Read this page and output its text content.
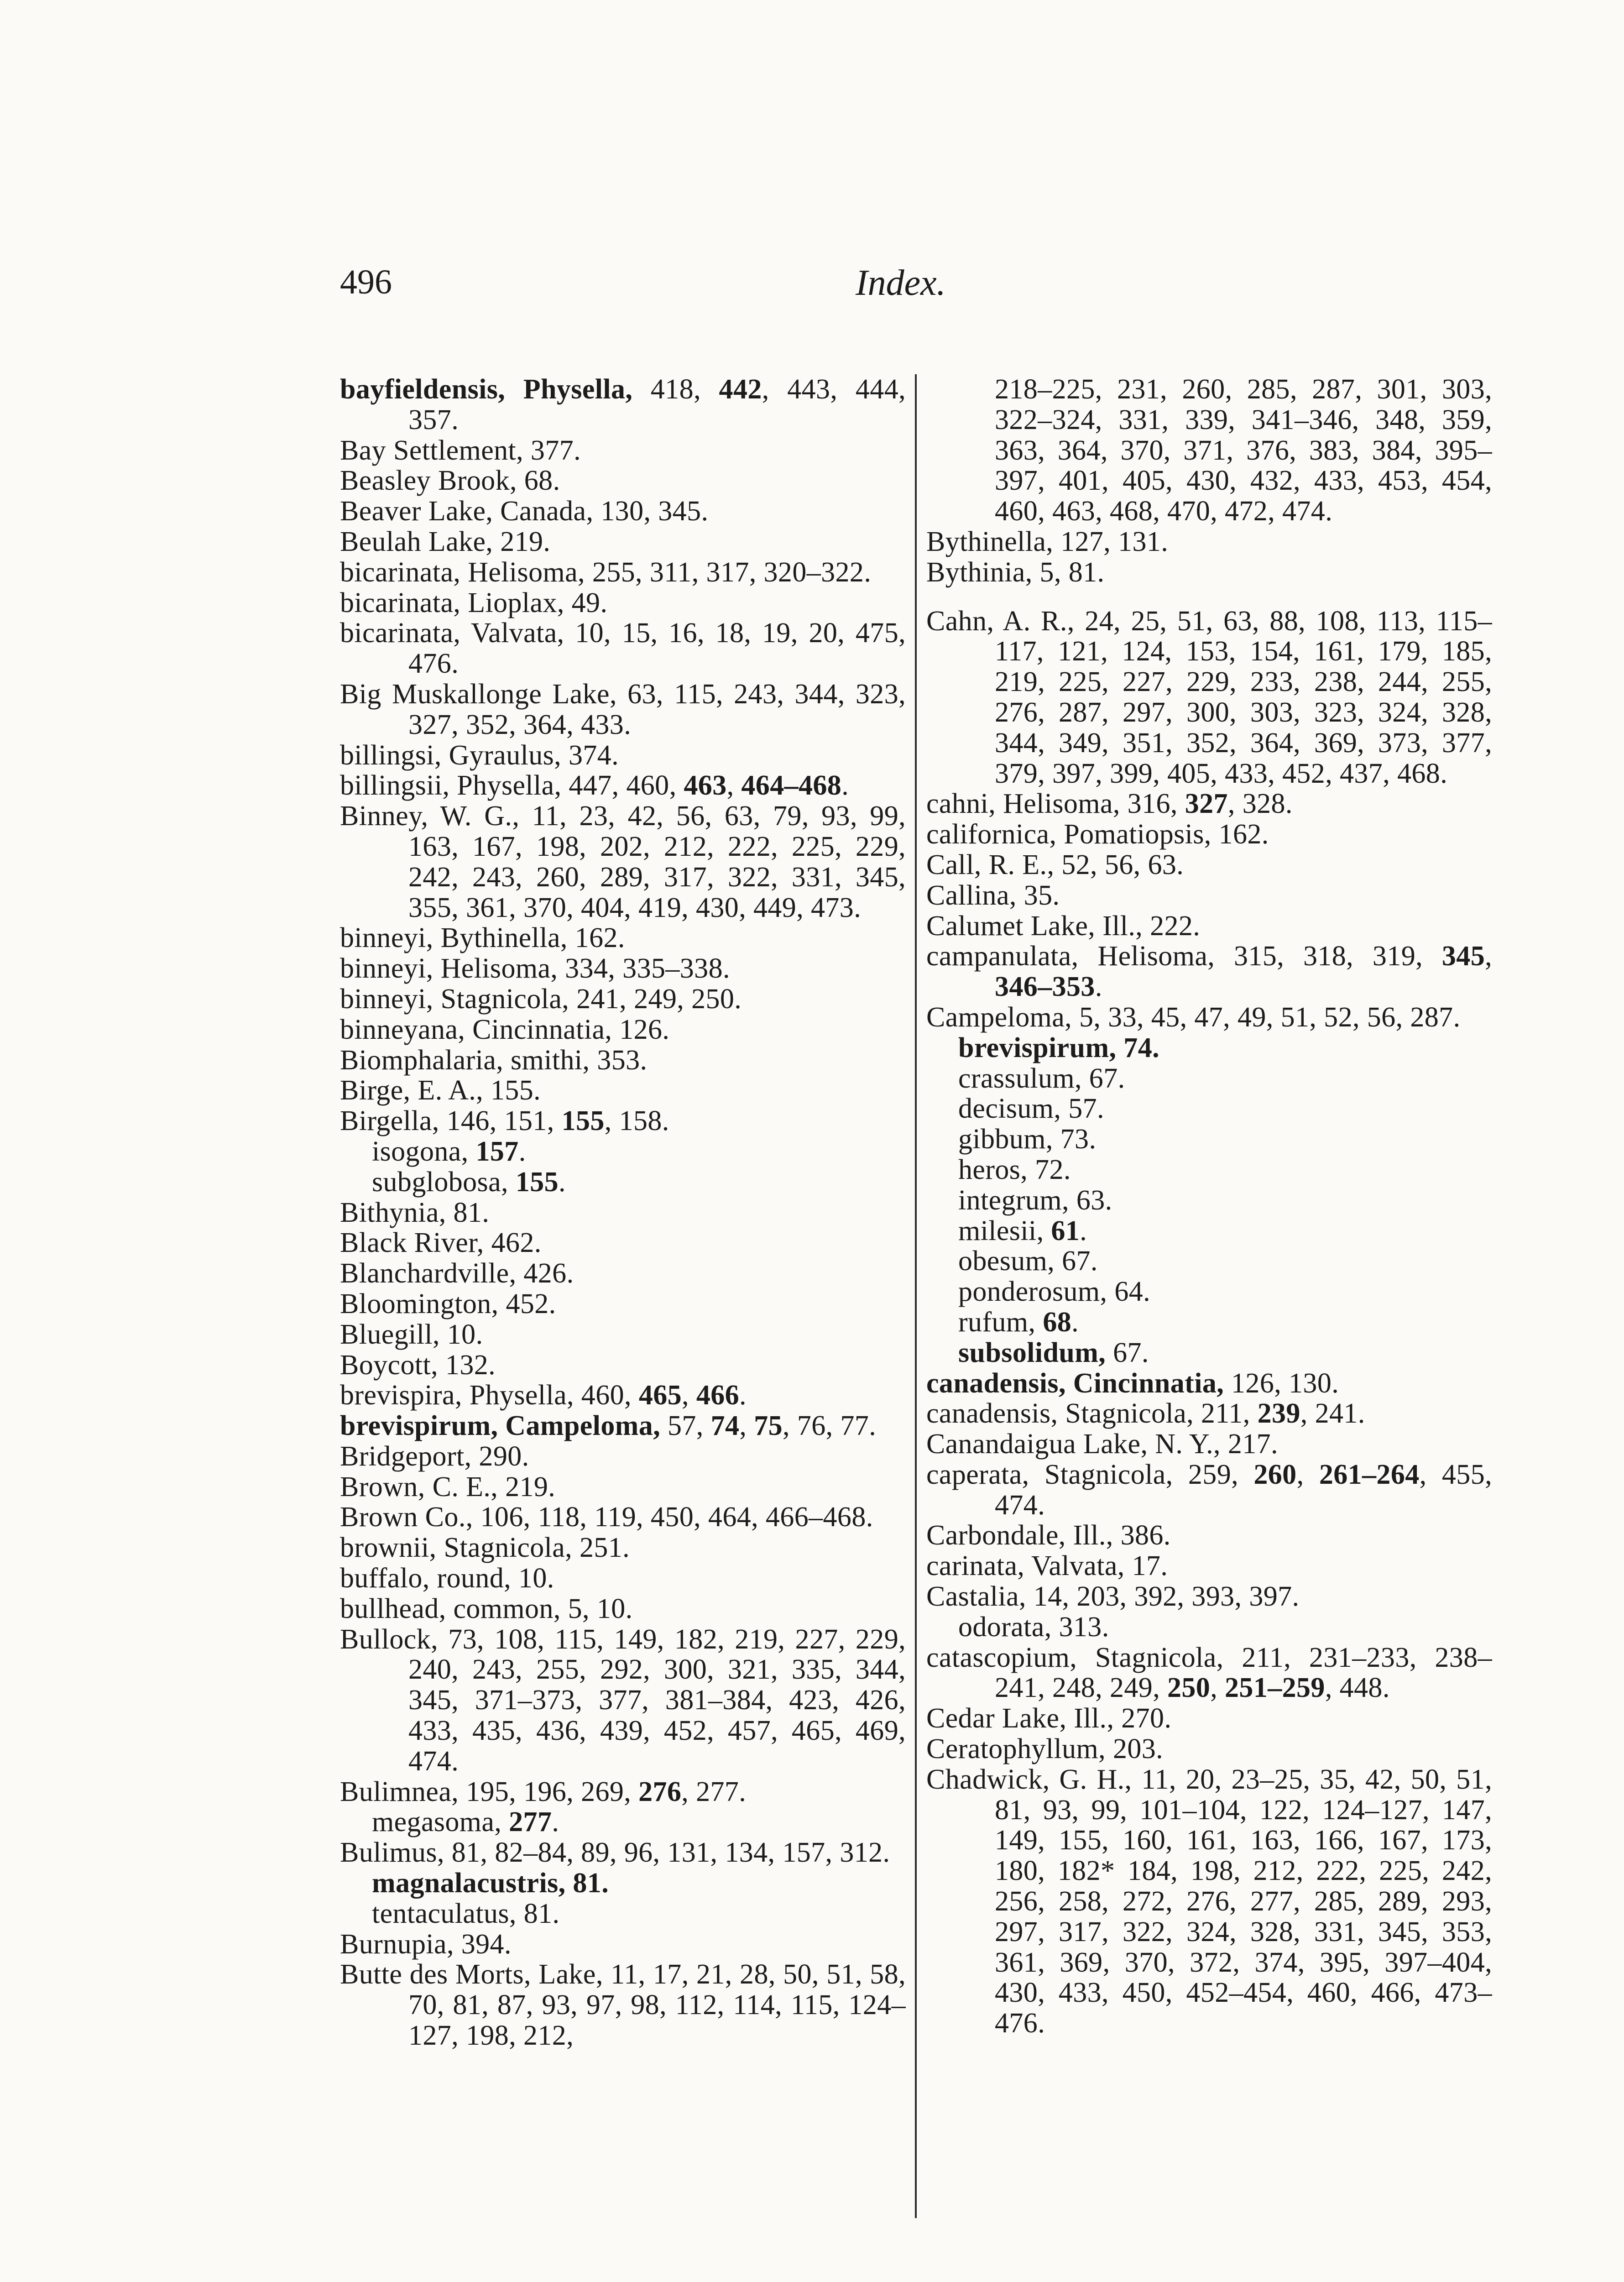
496	Index.
bayfieldensis, Physella, 418, 442, 443, 444, 357.
Bay Settlement, 377.
Beasley Brook, 68.
Beaver Lake, Canada, 130, 345.
Beulah Lake, 219.
bicarinata, Helisoma, 255, 311, 317, 320–322.
bicarinata, Lioplax, 49.
bicarinata, Valvata, 10, 15, 16, 18, 19, 20, 475, 476.
Big Muskallonge Lake, 63, 115, 243, 344, 323, 327, 352, 364, 433.
billingsi, Gyraulus, 374.
billingsii, Physella, 447, 460, 463, 464–468.
Binney, W. G., 11, 23, 42, 56, 63, 79, 93, 99, 163, 167, 198, 202, 212, 222, 225, 229, 242, 243, 260, 289, 317, 322, 331, 345, 355, 361, 370, 404, 419, 430, 449, 473.
binneyi, Bythinella, 162.
binneyi, Helisoma, 334, 335–338.
binneyi, Stagnicola, 241, 249, 250.
binneyana, Cincinnatia, 126.
Biomphalaria, smithi, 353.
Birge, E. A., 155.
Birgella, 146, 151, 155, 158.
isogona, 157.
subglobosa, 155.
Bithynia, 81.
Black River, 462.
Blanchardville, 426.
Bloomington, 452.
Bluegill, 10.
Boycott, 132.
brevispira, Physella, 460, 465, 466.
brevispirum, Campeloma, 57, 74, 75, 76, 77.
Bridgeport, 290.
Brown, C. E., 219.
Brown Co., 106, 118, 119, 450, 464, 466–468.
brownii, Stagnicola, 251.
buffalo, round, 10.
bullhead, common, 5, 10.
Bullock, 73, 108, 115, 149, 182, 219, 227, 229, 240, 243, 255, 292, 300, 321, 335, 344, 345, 371–373, 377, 381–384, 423, 426, 433, 435, 436, 439, 452, 457, 465, 469, 474.
Bulimnea, 195, 196, 269, 276, 277.
megasoma, 277.
Bulimus, 81, 82–84, 89, 96, 131, 134, 157, 312.
magnalacustris, 81.
tentaculatus, 81.
Burnupia, 394.
Butte des Morts, Lake, 11, 17, 21, 28, 50, 51, 58, 70, 81, 87, 93, 97, 98, 112, 114, 115, 124–127, 198, 212,
218–225, 231, 260, 285, 287, 301, 303, 322–324, 331, 339, 341–346, 348, 359, 363, 364, 370, 371, 376, 383, 384, 395–397, 401, 405, 430, 432, 433, 453, 454, 460, 463, 468, 470, 472, 474.
Bythinella, 127, 131.
Bythinia, 5, 81.
Cahn, A. R., 24, 25, 51, 63, 88, 108, 113, 115–117, 121, 124, 153, 154, 161, 179, 185, 219, 225, 227, 229, 233, 238, 244, 255, 276, 287, 297, 300, 303, 323, 324, 328, 344, 349, 351, 352, 364, 369, 373, 377, 379, 397, 399, 405, 433, 452, 437, 468.
cahni, Helisoma, 316, 327, 328.
californica, Pomatiopsis, 162.
Call, R. E., 52, 56, 63.
Callina, 35.
Calumet Lake, Ill., 222.
campanulata, Helisoma, 315, 318, 319, 345, 346–353.
Campeloma, 5, 33, 45, 47, 49, 51, 52, 56, 287.
brevispirum, 74.
crassulum, 67.
decisum, 57.
gibbum, 73.
heros, 72.
integrum, 63.
milesii, 61.
obesum, 67.
ponderosum, 64.
rufum, 68.
subsolidum, 67.
canadensis, Cincinnatia, 126, 130.
canadensis, Stagnicola, 211, 239, 241.
Canandaigua Lake, N. Y., 217.
caperata, Stagnicola, 259, 260, 261–264, 455, 474.
Carbondale, Ill., 386.
carinata, Valvata, 17.
Castalia, 14, 203, 392, 393, 397.
odorata, 313.
catascopium, Stagnicola, 211, 231–233, 238–241, 248, 249, 250, 251–259, 448.
Cedar Lake, Ill., 270.
Ceratophyllum, 203.
Chadwick, G. H., 11, 20, 23–25, 35, 42, 50, 51, 81, 93, 99, 101–104, 122, 124–127, 147, 149, 155, 160, 161, 163, 166, 167, 173, 180, 182* 184, 198, 212, 222, 225, 242, 256, 258, 272, 276, 277, 285, 289, 293, 297, 317, 322, 324, 328, 331, 345, 353, 361, 369, 370, 372, 374, 395, 397–404, 430, 433, 450, 452–454, 460, 466, 473–476.
